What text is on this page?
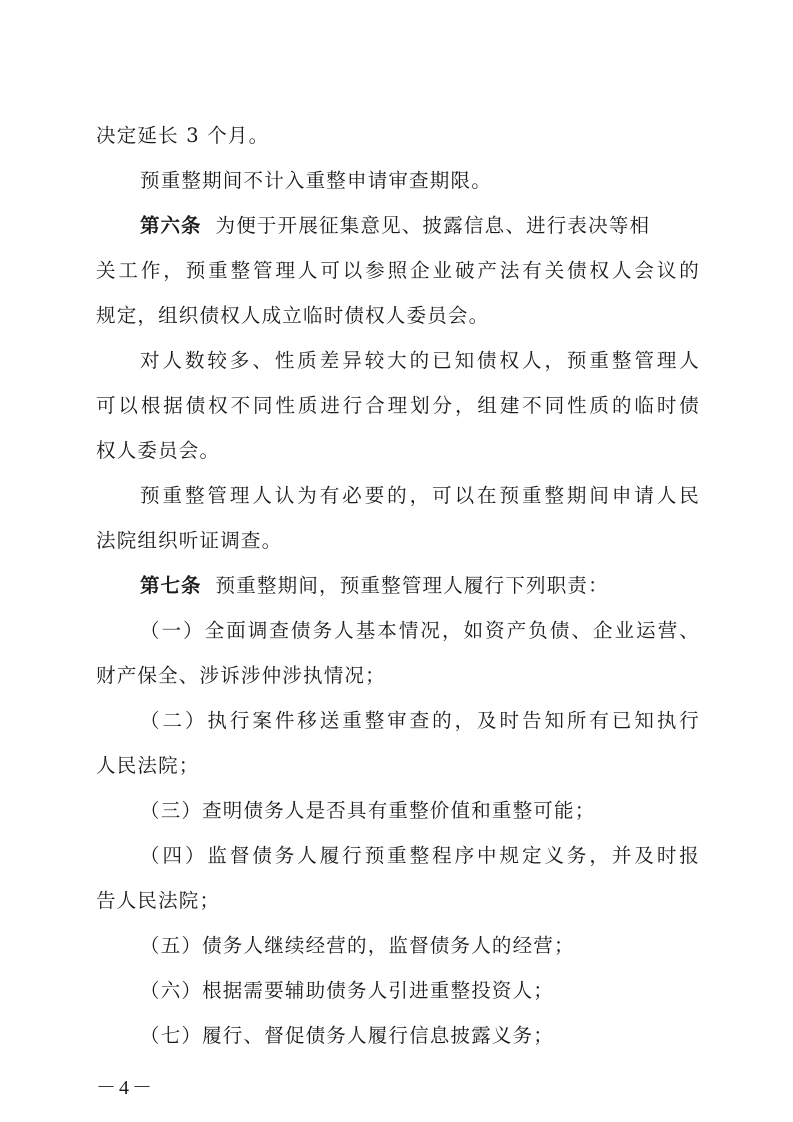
决定延长 3 个月。
预重整期间不计入重整申请审查期限。
第六条 为便于开展征集意见、披露信息、进行表决等相
关工作，预重整管理人可以参照企业破产法有关债权人会议的
规定，组织债权人成立临时债权人委员会。
对人数较多、性质差异较大的已知债权人，预重整管理人
可以根据债权不同性质进行合理划分，组建不同性质的临时债
权人委员会。
预重整管理人认为有必要的，可以在预重整期间申请人民
法院组织听证调查。
第七条 预重整期间，预重整管理人履行下列职责：
（一）全面调查债务人基本情况，如资产负债、企业运营、
财产保全、涉诉涉仲涉执情况；
（二）执行案件移送重整审查的，及时告知所有已知执行
人民法院；
（三）查明债务人是否具有重整价值和重整可能；
（四）监督债务人履行预重整程序中规定义务，并及时报
告人民法院；
（五）债务人继续经营的，监督债务人的经营；
（六）根据需要辅助债务人引进重整投资人；
（七）履行、督促债务人履行信息披露义务；
－4－
